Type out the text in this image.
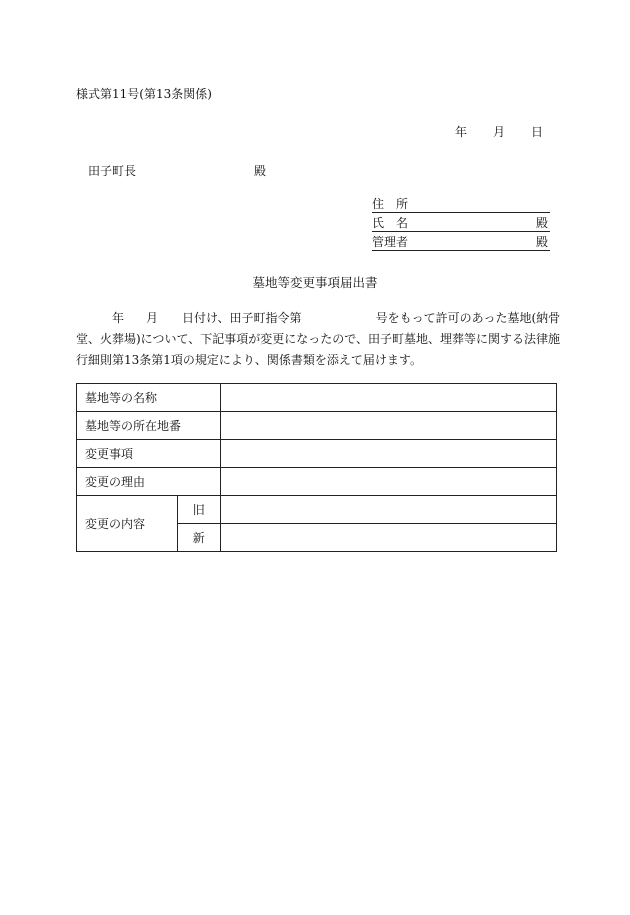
様式第11号(第13条関係)
年 月 日
田子町長	殿
住　所
氏　名	殿
管理者	殿
墓地等変更事項届出書
年 月 日付け、田子町指令第	号をもって許可のあった墓地(納骨
堂、火葬場)について、下記事項が変更になったので、田子町墓地、埋葬等に関する法律施
行細則第13条第1項の規定により、関係書類を添えて届けます。
墓地等の名称		
墓地等の所在地番		
変更事項		
変更の理由		
変更の内容	旧	
	新	
